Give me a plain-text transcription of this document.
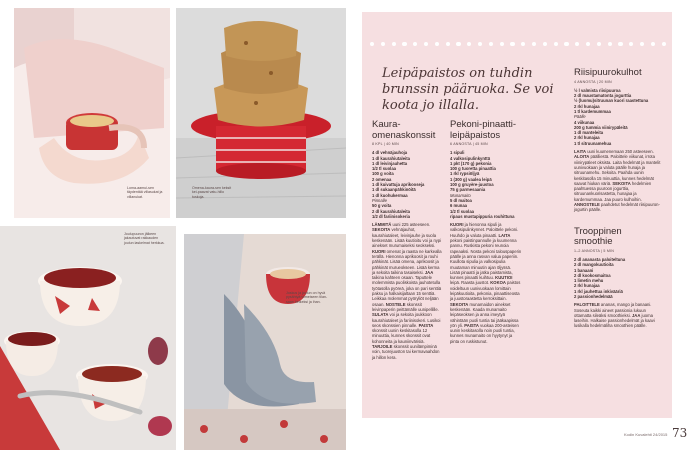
Loma-aamui-sen täydentää villasukat ja villanukat.
Omena-kaura-sen keksit kei-paavat vatu-hillo tuskoja.
Joulupuuron jälkeen jakautuvat rakkauden joulun laskelmat herkkua.
Joskus ja joulun on hyvä pysähtyä viimeiseen tilan-saan hetkeksi ja ihan.
Leipäpaistos on tuhdin brunssin pääruoka. Se voi koota jo illalla.
Kaura-omenaskonssit
8 KPL | 40 MIN
4 dl vehnäjauhoja
1 dl kaurahiutaleita
1 dl leivinjauhetta
1/2 tl suolaa
100 g voita
2 omenaa
1 dl kuivattuja aprikooseja
1 dl sukaanpähkinöitä
1 dl kuohukermaa
Pinnalle
50 g voita
2 dl kaurahiutaleita
1/2 dl fariinisokeria
LÄMMITÄ uuni 225 asteeseen. SEKOITA vehnäjauhot, kaurahiutaleet, leivinjauhe ja suola keskenään. Lisää kuutioitu voi ja nypi ainekset murumaiseksi seokseksi. KUORI omenat ja raasta ne karkealla terällä. Hienonna aprikoosit ja rouhi pähkinät. Lisää omena, aprikoosit ja pähkinät murueokseen. Lisää kerma ja sekoita taikina tasaiseksi. JAA taikina kahteen osaan. Taputtele molemmista puoliskoista jauhotetulla työtasolla pyöreä, joka on pari senttiä paksu ja halkaisijaltaan 15 senttiä. Leikkaa molemmat pyöryliöt neljään osaan. NOSTELE skonssit leivinpaperin peittämälle uunipellille. SULATA voi ja sekoita joukkoon kaurahiutaleet ja fariinisokeri. Lusikoi seos skonssien pinnalle. PAISTA skonssit uunin keskitasolla 12 minuuttia, kunnes skonssit ovat kohonneita ja kauniinvärisiä. TARJOILE skonssit uunilämpiminä voin, tuorejuuston tai kermavaahdon ja hillon kera.
Pekoni-pinaatti-leipäpaistos
6 ANNOSTA | 45 MIN
1 sipuli
4 valkosipulinkynttä
1 pkt (170 g) pekonia
100 g tuoretta pinaattia
1 rkl rypsiöljyä
1 (300 g) vaalea leipä
100 g gruyère-juustoa
75 g parmesaania
Munamaito
5 dl maitoa
6 munaa
1/2 tl suolaa
ripaus mustapippuria rouhittuna
KUORI ja hienonna sipuli ja valkosipulinkynnet. Paloittele pekoni. Huuhdo ja valuta pinaatti. LAITA pekoni paistinpannulle ja kuumenna pannu. Ruskista pekoni reunoia rapeaaksi. Nosta pekoni talouspaperin päälle ja anna rasvan valua paperiin. Kuullota sipulia ja valkosipulia muutaman minuutin ajan öljyssä. Lisää pinaatti ja jatka paistamista, kunnes pinaatti kuihtuu. KUUTIOI leipä. Raasta juustot. KOKOA paistos voideltuun uunivuokaan lomittain leipäkuutioita, pekonia, pinaattiseosta ja juustoraastetta kerroksittain. SEKOITA munamaidon ainekset keskenään. Kaada munamaito leipäseoksen ja anna imeytyä vähintään puoli tuntia tai jääkaapissa yön yli. PAISTA vuokaa 200-asteisen uunin keskitasolla noin puoli tuntia, kunnes munamaito on hyytynyt ja pinta on ruskistunut.
Riisipuurokulhot
4 ANNOSTA | 20 MIN
½ l valmista riisipuuroa
2 dl maustamatonta jogurttia
½ (luomu)sitruunan kuori raastettuna
2 rkl hunajaa
1 tl kardemummaa
Päälle
4 viikunaa
200 g tummia viinirypäleitä
1 dl manteleita
2 rkl hunajaa
1 tl sitruunamehua
LAITA uuni kuumenemaan 250 asteeseen. ALOITA päälliestä. Paloittele viikunat, irrota viinirypäleet oksista. Laita hedelmät ja mantelit uunivuokaan ja valuta päälle hunaja ja sitruunamehu. Sekoita. Paahda uunin keskitasolla 15 minuuttia, kunnes hedelmät saavat hiukan väriä. SEKOITA hedelmien paahtuessa puuroon jogurttia, sitruunankuorisastetta, hunajaa ja kardemummaa. Jaa puuro kulhoihin. ANNOSTELE paahdetut hedelmät riisipuuron-jogurtin päälle.
Trooppinen smoothie
1–2 ANNOSTA | 5 MIN
2 dl ananasta paloiteltuna
2 dl mangokuutioita
1 banaani
2 dl kookosmaitoa
1 limetin mehu
2 rkl hunajaa
1 rkl jauhettua inkivääriä
2 passionhedelmää
PALOITTELE ananas, mango ja banaani. Soseuta kaikki aineet passionia lukuun ottamatta sileäksi smoothieksi. JAA juoma laseihin. Halkaise passionhedelmät ja kaavi lusikalla hedelmäliha smoothien päälle.
Kodin Kuvalehti 24/2015 73
